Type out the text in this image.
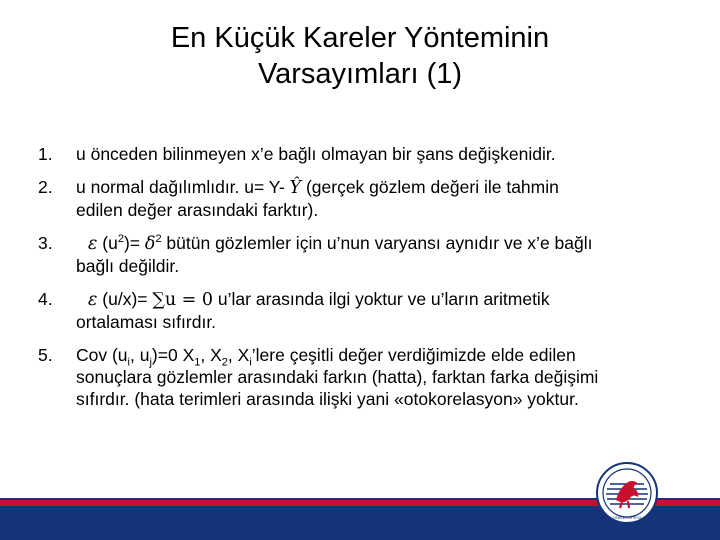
En Küçük Kareler Yönteminin
Varsayımları (1)
1. u önceden bilinmeyen x’e bağlı olmayan bir şans değişkenidir.
2. u normal dağılımlıdır. u= Y- Ŷ (gerçek gözlem değeri ile tahmin
edilen değer arasındaki farktır).
3.	ε $(u^2)= \delta^2$ bütün gözlemler için u’nun varyansı aynıdır ve x’e bağlı
bağlı değildir.
4.	ε (u/x)= ∑u = 0 u’lar arasında ilgi yoktur ve u’ların aritmetik
ortalaması sıfırdır.
5. Cov ($u_i$, $u_j)=0$ $X_1$, $X_2$, $X_i’lere$ çeşitli değer verdiğimizde elde edilen
sonuçlara gözlemler arasındaki farkın (hatta), farktan farka değişimi
sıfırdır. (hata terimleri arasında ilişki yani «otokorelasyon» yoktur.
ÜNİVERSİTESİ
